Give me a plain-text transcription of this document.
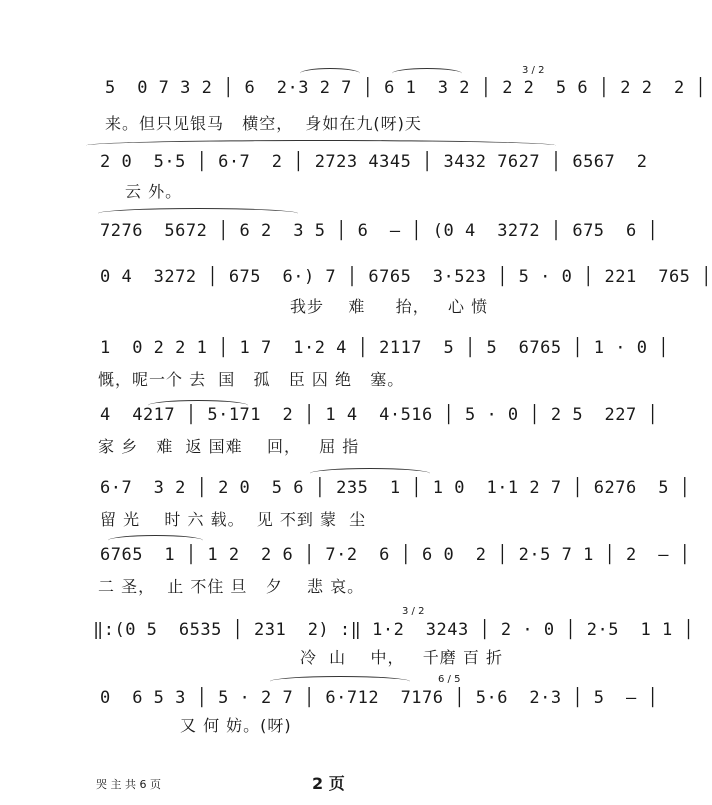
5  0 7 3 2 │ 6  2·3 2 7 │ 6 1  3 2 │ 2 2  5 6 │ 2 2  2 │
来。但只见银马   横空，  身如在九(呀)天
3 / 2
2 0  5·5 │ 6·7  2 │ 2723 4345 │ 3432 7627 │ 6567  2
云 外。
7276  5672 │ 6 2  3 5 │ 6  — │ (0 4  3272 │ 675  6 │
0 4  3272 │ 675  6·) 7 │ 6765  3·523 │ 5 · 0 │ 221  765 │
我步    难     抬，   心 愤
1  0 2 2 1 │ 1 7  1·2 4 │ 2117  5 │ 5  6765 │ 1 · 0 │
慨，呢一个 去  国   孤   臣 囚 绝   塞。
4  4217 │ 5·171  2 │ 1 4  4·516 │ 5 · 0 │ 2 5  227 │
家 乡   难  返 国难    回，   屈 指
6·7  3 2 │ 2 0  5 6 │ 235  1 │ 1 0  1·1 2 7 │ 6276  5 │
留 光    时 六 载。  见 不到 蒙  尘
6765  1 │ 1 2  2 6 │ 7·2  6 │ 6 0  2 │ 2·5 7 1 │ 2  — │
二 圣，  止 不住 旦   夕    悲 哀。
‖:(0 5  6535 │ 231  2) :‖ 1·2  3243 │ 2 · 0 │ 2·5  1 1 │
冷  山    中，   千磨 百 折
3 / 2
0  6 5 3 │ 5 · 2 7 │ 6·712  7176 │ 5·6  2·3 │ 5  — │
又 何 妨。(呀)
6 / 5
哭 主 共 6 页	2 页
